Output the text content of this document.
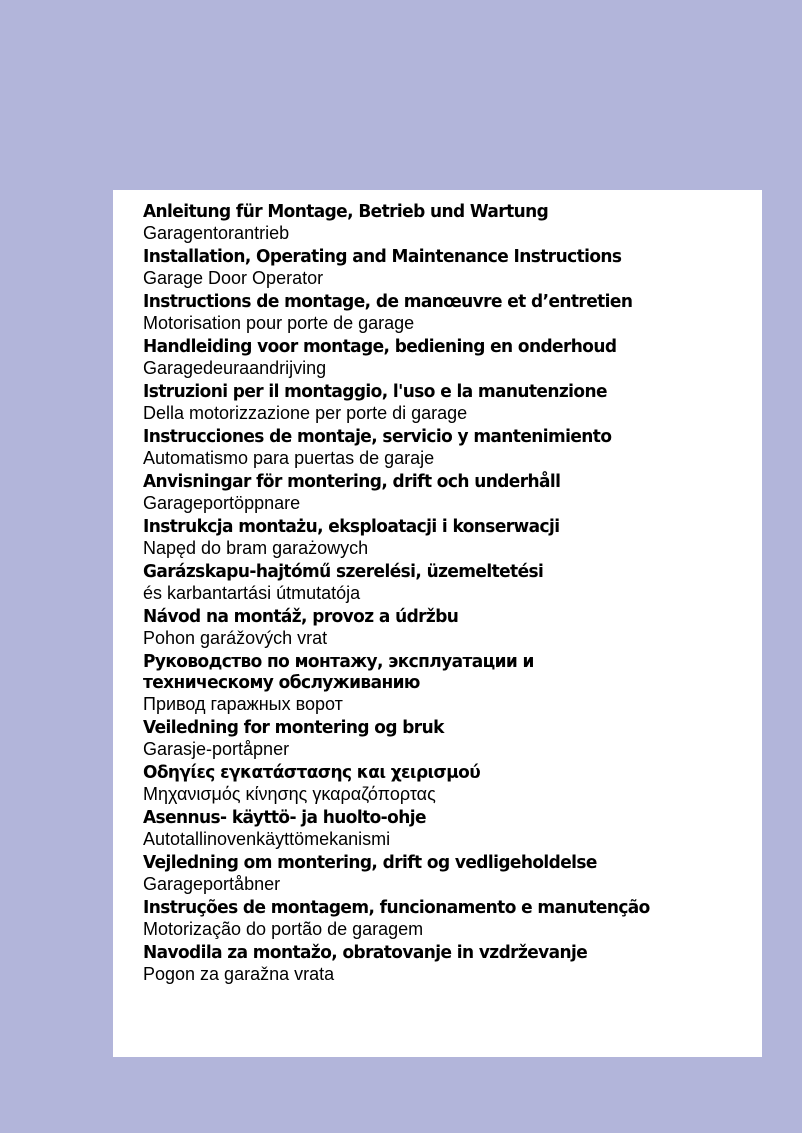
Anleitung für Montage, Betrieb und Wartung
Garagentorantrieb
Installation, Operating and Maintenance Instructions
Garage Door Operator
Instructions de montage, de manœuvre et d’entretien
Motorisation pour porte de garage
Handleiding voor montage, bediening en onderhoud
Garagedeuraandrijving
Istruzioni per il montaggio, l'uso e la manutenzione
Della motorizzazione per porte di garage
Instrucciones de montaje, servicio y mantenimiento
Automatismo para puertas de garaje
Anvisningar för montering, drift och underhåll
Garageportöppnare
Instrukcja montażu, eksploatacji i konserwacji
Napęd do bram garażowych
Garázskapu-hajtómű szerelési, üzemeltetési
és karbantartási útmutatója
Návod na montáž, provoz a údržbu
Pohon garážových vrat
Руководство по монтажу, эксплуатации и техническому обслуживанию
Привод гаражных ворот
Veiledning for montering og bruk
Garasje-portåpner
Οδηγίες εγκατάστασης και χειρισμού
Μηχανισμός κίνησης γκαραζόπορτας
Asennus- käyttö- ja huolto-ohje
Autotallinovenkäyttömekanismi
Vejledning om montering, drift og vedligeholdelse
Garageportåbner
Instruções de montagem, funcionamento e manutenção
Motorização do portão de garagem
Navodila za montažo, obratovanje in vzdrževanje
Pogon za garažna vrata
